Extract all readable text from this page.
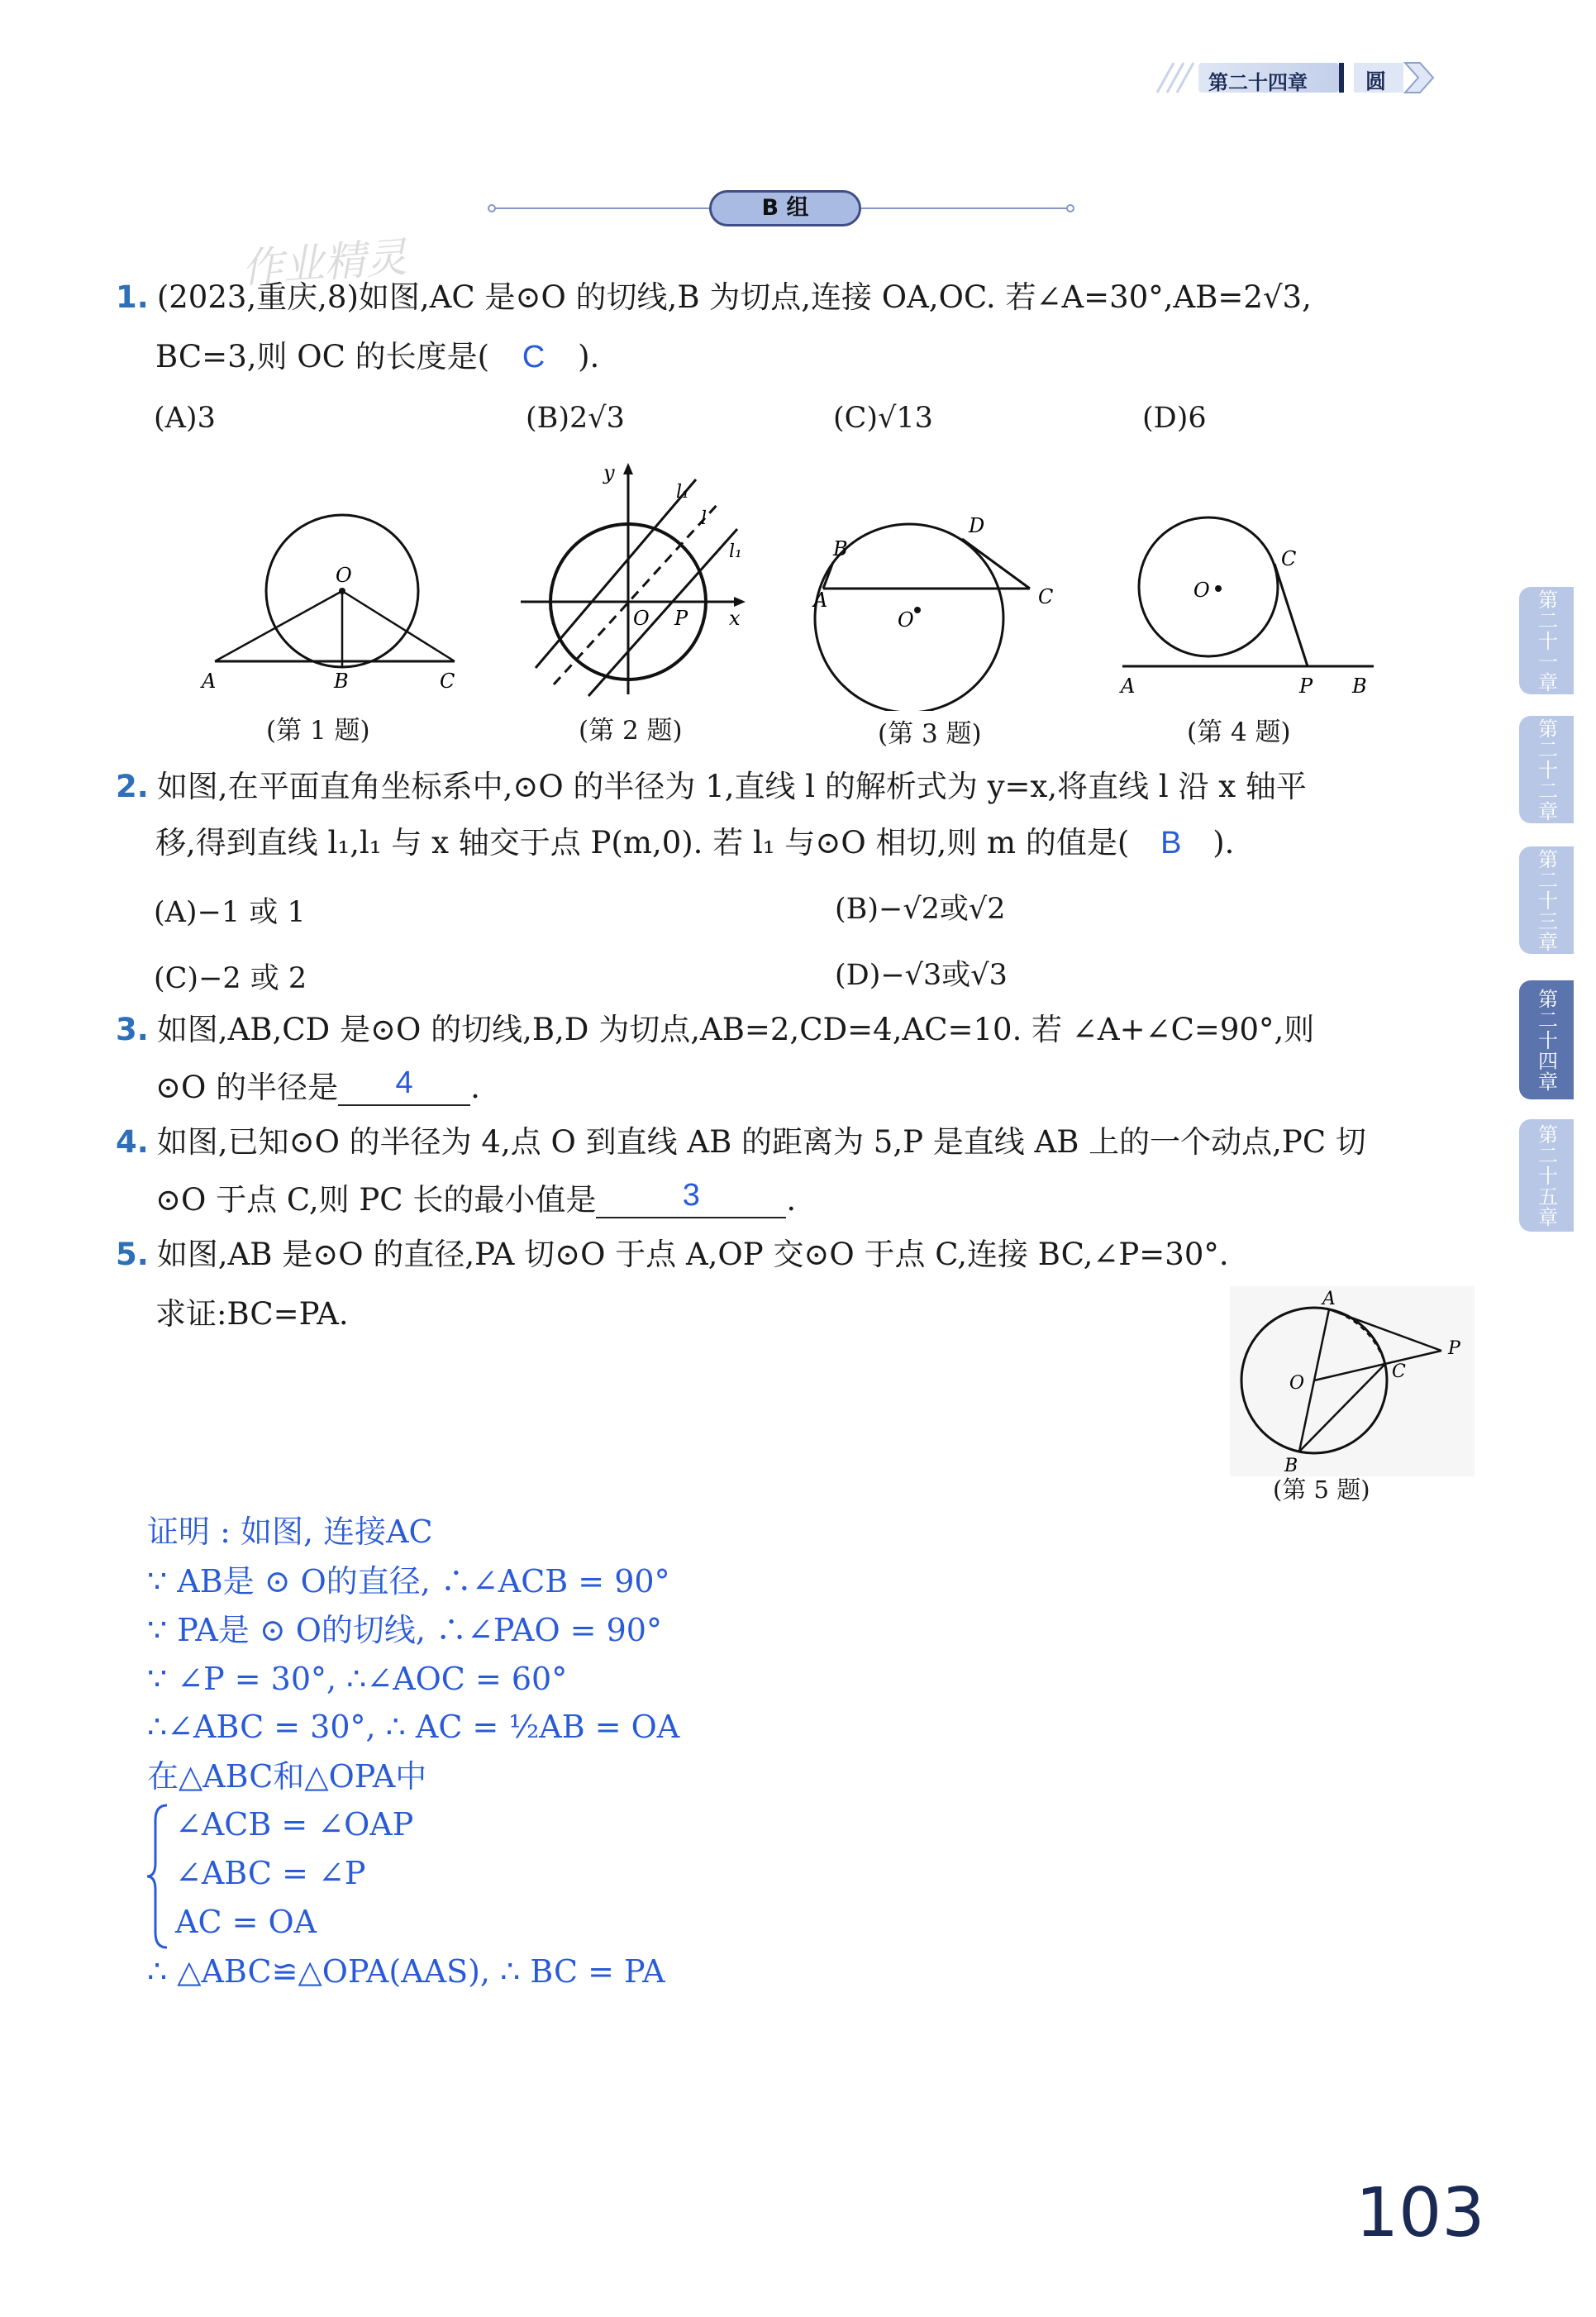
第二十四章	圆
B 组
作业精灵
1. (2023,重庆,8)如图,AC 是⊙O 的切线,B 为切点,连接 OA,OC. 若∠A=30°,AB=2√3,
BC=3,则 OC 的长度是( C ).
(A)3	(B)2√3	(C)√13	(D)6
O
A	B	C
(第 1 题)
y
x
O P
l₁
l
l₁
(第 2 题)
B
D
A	C
O
(第 3 题)
O
C
A	P B
(第 4 题)
2. 如图,在平面直角坐标系中,⊙O 的半径为 1,直线 l 的解析式为 y=x,将直线 l 沿 x 轴平
移,得到直线 l₁,l₁ 与 x 轴交于点 P(m,0). 若 l₁ 与⊙O 相切,则 m 的值是( B ).
(A)−1 或 1	(B)−√2或√2
(C)−2 或 2	(D)−√3或√3
3. 如图,AB,CD 是⊙O 的切线,B,D 为切点,AB=2,CD=4,AC=10. 若 ∠A+∠C=90°,则
⊙O 的半径是 4 .
4. 如图,已知⊙O 的半径为 4,点 O 到直线 AB 的距离为 5,P 是直线 AB 上的一个动点,PC 切
⊙O 于点 C,则 PC 长的最小值是	3	.
5. 如图,AB 是⊙O 的直径,PA 切⊙O 于点 A,OP 交⊙O 于点 C,连接 BC,∠P=30°.
求证:BC=PA.	A
P
O
C
B
(第 5 题)
证明 : 如图, 连接AC
∵ AB是 ⊙ O的直径, ∴∠ACB = 90°
∵ PA是 ⊙ O的切线, ∴∠PAO = 90°
∵ ∠P = 30°, ∴∠AOC = 60°
∴∠ABC = 30°, ∴ AC = ½AB = OA
在△ABC和△OPA中
∠ACB = ∠OAP
∠ABC = ∠P
AC = OA
∴ △ABC≌△OPA(AAS), ∴ BC = PA
第二十一章
第二十二章
第二十三章
第二十四章
第二十五章
103
